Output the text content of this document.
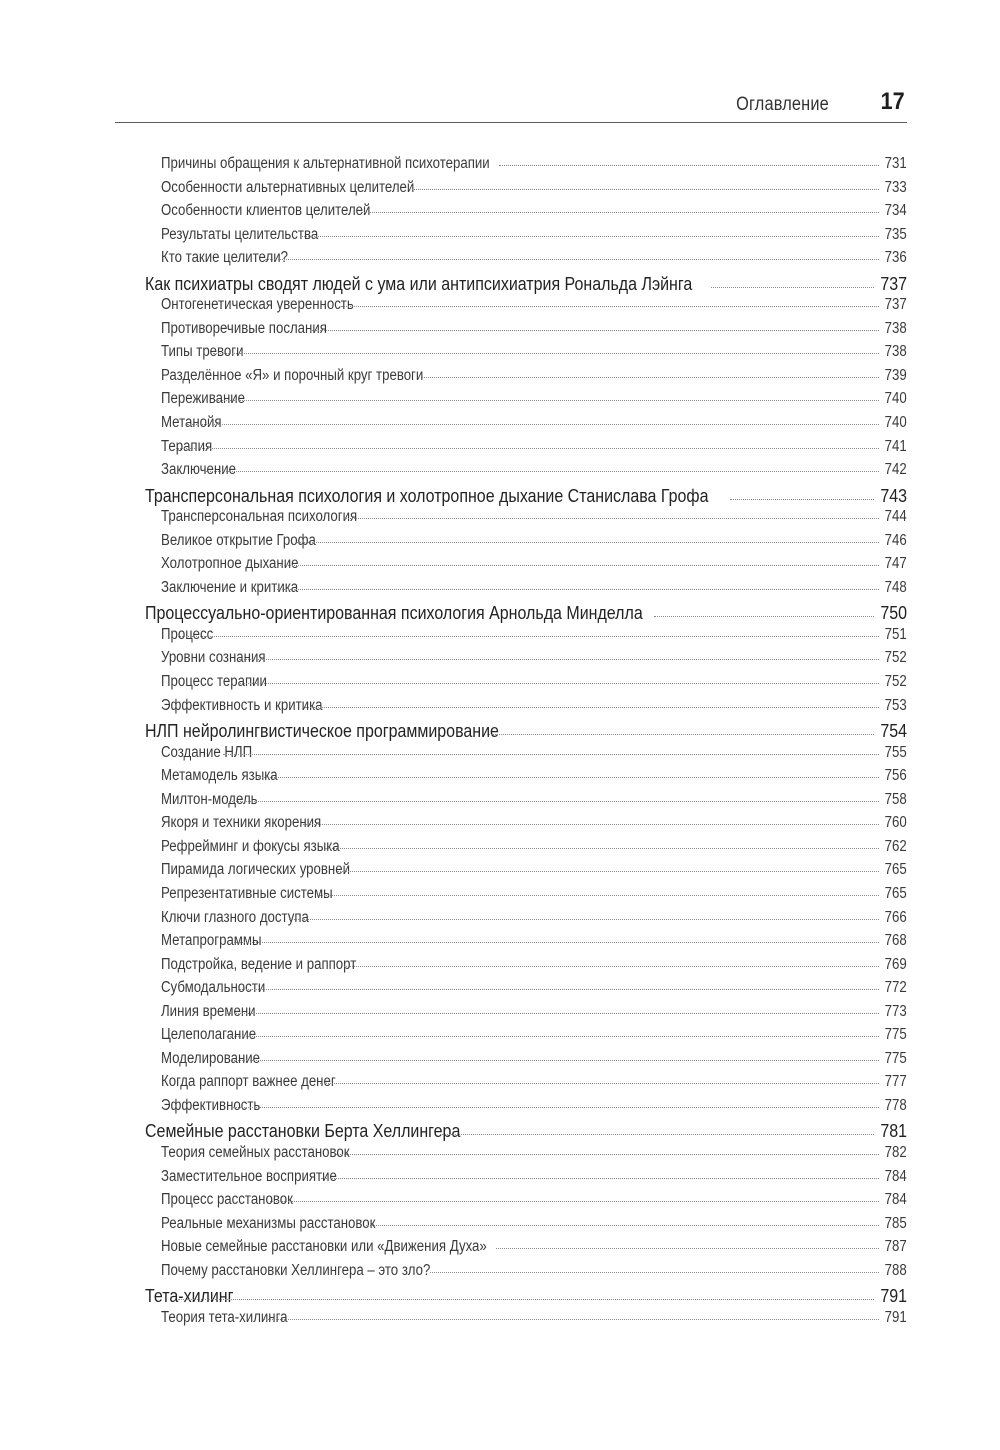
Оглавление 17
Причины обращения к альтернативной психотерапии	731
Особенности альтернативных целителей	733
Особенности клиентов целителей	734
Результаты целительства	735
Кто такие целители?	736
Как психиатры сводят людей с ума или антипсихиатрия Рональда Лэйнга	737
Онтогенетическая уверенность	737
Противоречивые послания	738
Типы тревоги	738
Разделённое «Я» и порочный круг тревоги	739
Переживание	740
Метанойя	740
Терапия	741
Заключение	742
Трансперсональная психология и холотропное дыхание Станислава Грофа	743
Трансперсональная психология	744
Великое открытие Грофа	746
Холотропное дыхание	747
Заключение и критика	748
Процессуально-ориентированная психология Арнольда Минделла	750
Процесс	751
Уровни сознания	752
Процесс терапии	752
Эффективность и критика	753
НЛП нейролингвистическое программирование	754
Создание НЛП	755
Метамодель языка	756
Милтон-модель	758
Якоря и техники якорения	760
Рефрейминг и фокусы языка	762
Пирамида логических уровней	765
Репрезентативные системы	765
Ключи глазного доступа	766
Метапрограммы	768
Подстройка, ведение и раппорт	769
Субмодальности	772
Линия времени	773
Целеполагание	775
Моделирование	775
Когда раппорт важнее денег	777
Эффективность	778
Семейные расстановки Берта Хеллингера	781
Теория семейных расстановок	782
Заместительное восприятие	784
Процесс расстановок	784
Реальные механизмы расстановок	785
Новые семейные расстановки или «Движения Духа»	787
Почему расстановки Хеллингера – это зло?	788
Тета-хилинг	791
Теория тета-хилинга	791
